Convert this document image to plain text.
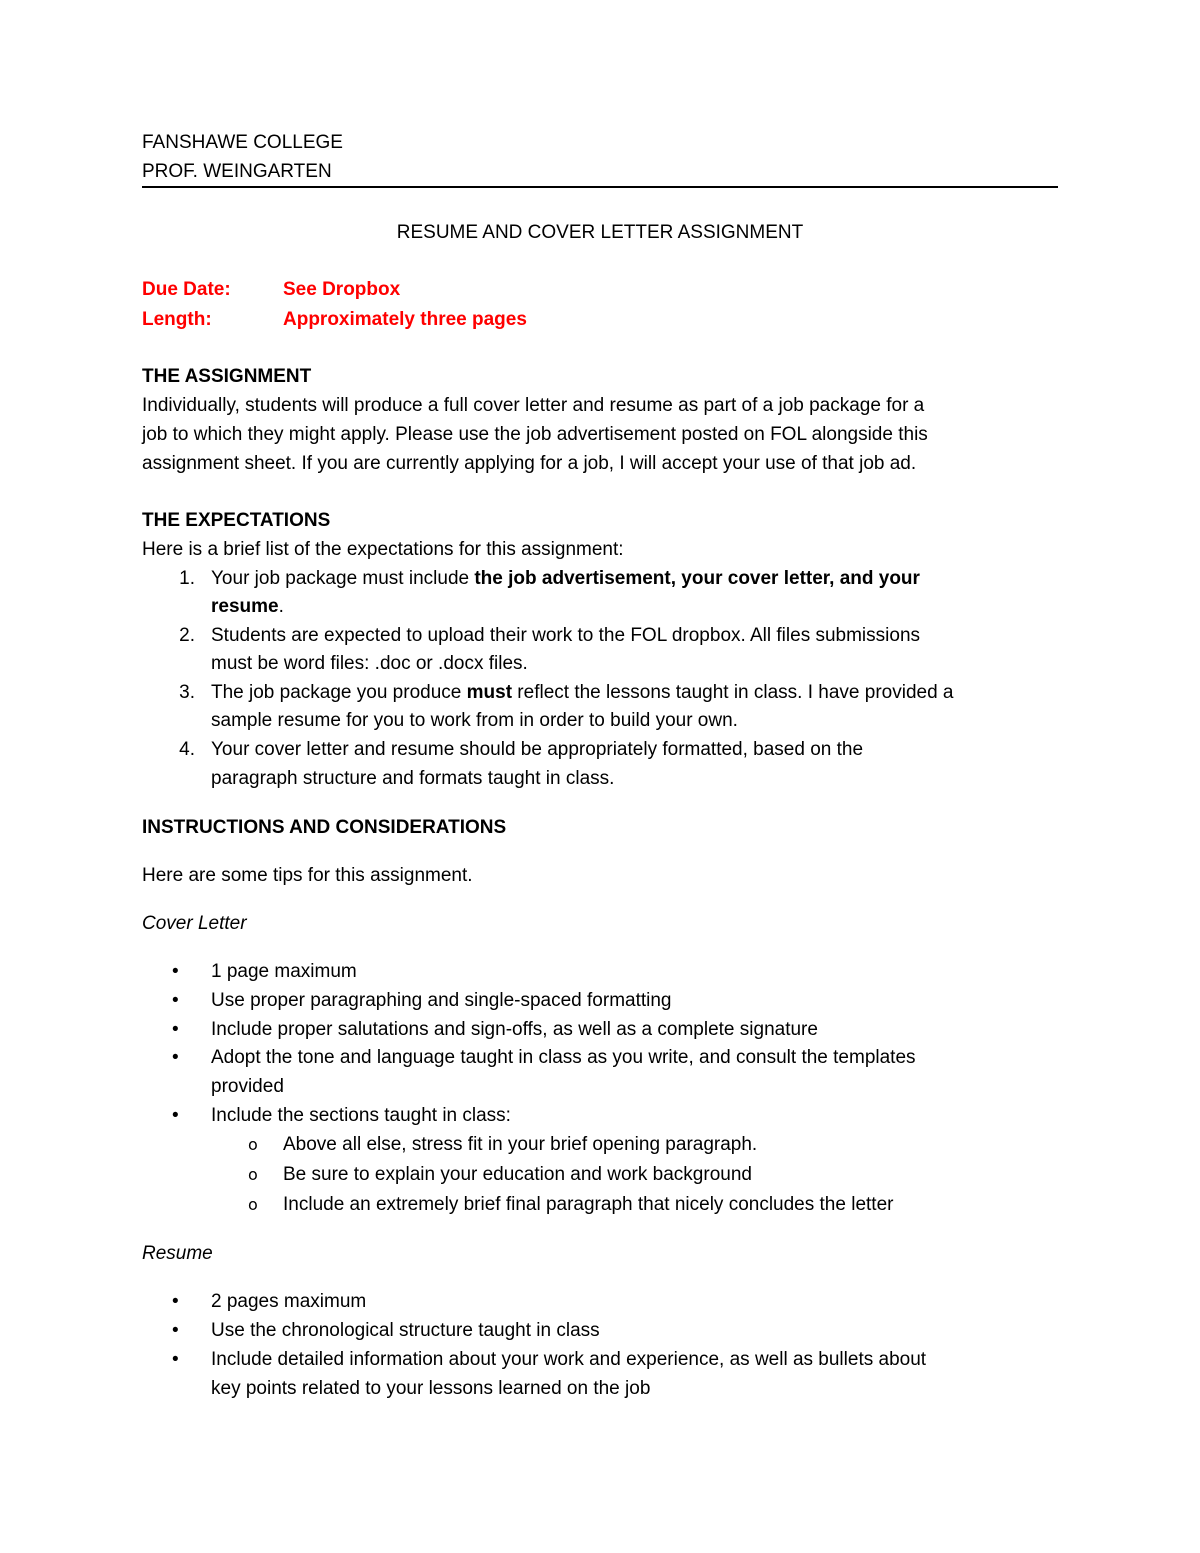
FANSHAWE COLLEGE
PROF. WEINGARTEN
RESUME AND COVER LETTER ASSIGNMENT
Due Date:	See Dropbox
Length:	Approximately three pages
THE ASSIGNMENT
Individually, students will produce a full cover letter and resume as part of a job package for a
job to which they might apply. Please use the job advertisement posted on FOL alongside this
assignment sheet. If you are currently applying for a job, I will accept your use of that job ad.
THE EXPECTATIONS
Here is a brief list of the expectations for this assignment:
1. Your job package must include the job advertisement, your cover letter, and your
resume.
2. Students are expected to upload their work to the FOL dropbox. All files submissions
must be word files: .doc or .docx files.
3. The job package you produce must reflect the lessons taught in class. I have provided a
sample resume for you to work from in order to build your own.
4. Your cover letter and resume should be appropriately formatted, based on the
paragraph structure and formats taught in class.
INSTRUCTIONS AND CONSIDERATIONS
Here are some tips for this assignment.
Cover Letter
• 1 page maximum
• Use proper paragraphing and single-spaced formatting
• Include proper salutations and sign-offs, as well as a complete signature
• Adopt the tone and language taught in class as you write, and consult the templates
provided
• Include the sections taught in class:
o Above all else, stress fit in your brief opening paragraph.
o Be sure to explain your education and work background
o Include an extremely brief final paragraph that nicely concludes the letter
Resume
• 2 pages maximum
• Use the chronological structure taught in class
• Include detailed information about your work and experience, as well as bullets about
key points related to your lessons learned on the job
